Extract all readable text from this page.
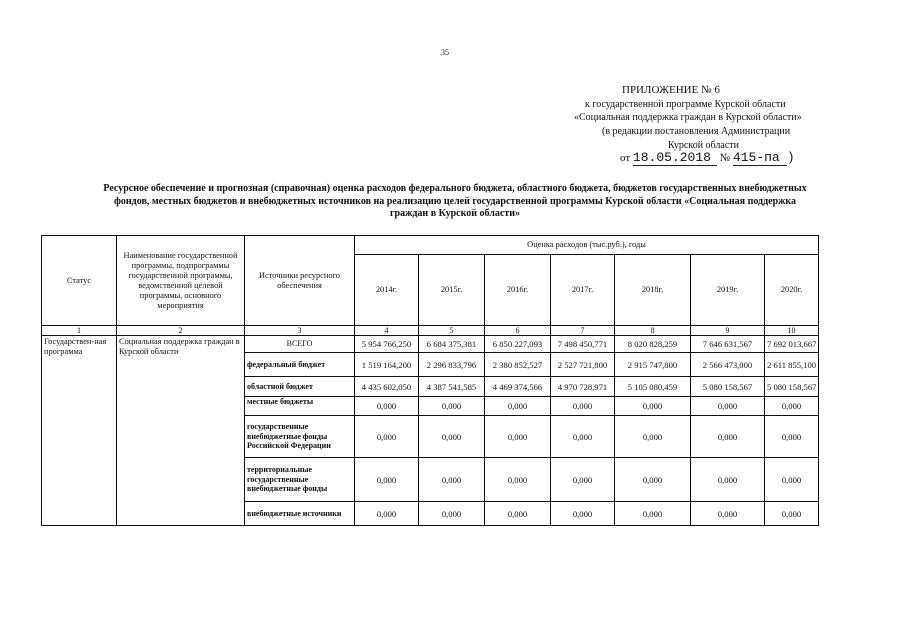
35
ПРИЛОЖЕНИЕ № 6
к государственной программе Курской области
«Социальная поддержка граждан в Курской области»
(в редакции постановления Администрации
Курской области
от 18.05.2018 № 415-па )
Ресурсное обеспечение и прогнозная (справочная) оценка расходов федерального бюджета, областного бюджета, бюджетов государственных внебюджетных фондов, местных бюджетов и внебюджетных источников на реализацию целей государственной программы Курской области «Социальная поддержка граждан в Курской области»
Статус	Наименование государственной программы, подпрограммы государственной программы, ведомственной целевой программы, основного мероприятия	Источники ресурсного обеспечения	Оценка расходов (тыс.руб.), годы						
			2014г.	2015г.	2016г.	2017г.	2018г.	2019г.	2020г.
1	2	3	4	5	6	7	8	9	10
Государствен-ная программа	Социальная поддержка граждан в Курской области	ВСЕГО	5 954 766,250	6 684 375,381	6 850 227,093	7 498 450,771	8 020 828,259	7 646 631,567	7 692 013,667
		федеральный бюджет	1 519 164,200	2 296 833,796	2 380 852,527	2 527 721,800	2 915 747,800	2 566 473,000	2 611 855,100
		областной бюджет	4 435 602,050	4 387 541,585	4 469 374,566	4 970 728,971	5 105 080,459	5 080 158,567	5 080 158,567
		местные бюджеты	0,000	0,000	0,000	0,000	0,000	0,000	0,000
		государственные внебюджетные фонды Российской Федерации	0,000	0,000	0,000	0,000	0,000	0,000	0,000
		территориальные государственные внебюджетные фонды	0,000	0,000	0,000	0,000	0,000	0,000	0,000
		внебюджетные источники	0,000	0,000	0,000	0,000	0,000	0,000	0,000
